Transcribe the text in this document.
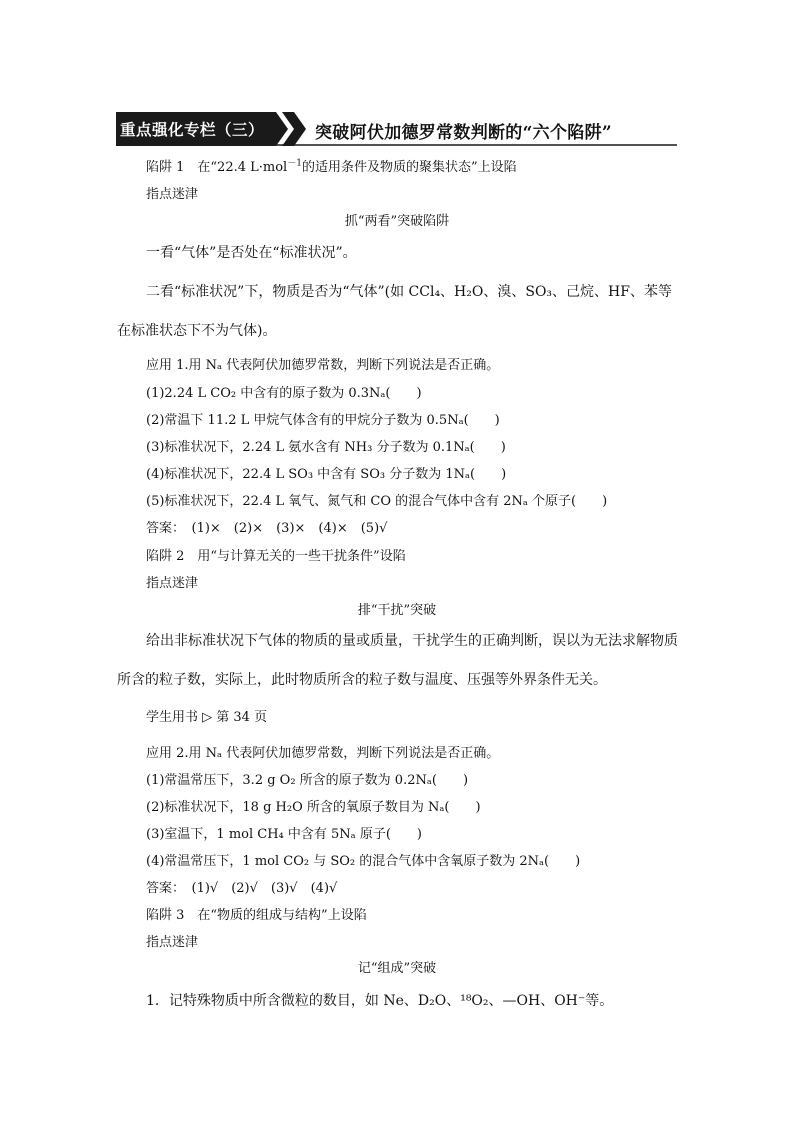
重点强化专栏（三）	突破阿伏加德罗常数判断的“六个陷阱”
陷阱 1　在“22.4 L·mol$^{-1}$的适用条件及物质的聚集状态”上设陷
指点迷津
抓“两看”突破陷阱
一看“气体”是否处在“标准状况”。
二看“标准状况”下，物质是否为“气体”(如 CCl₄、H₂O、溴、SO₃、己烷、HF、苯等
在标准状态下不为气体)。
应用 1.用 Nₐ 代表阿伏加德罗常数，判断下列说法是否正确。
(1)2.24 L CO₂ 中含有的原子数为 0.3Nₐ(　　)
(2)常温下 11.2 L 甲烷气体含有的甲烷分子数为 0.5Nₐ(　　)
(3)标准状况下，2.24 L 氨水含有 NH₃ 分子数为 0.1Nₐ(　　)
(4)标准状况下，22.4 L SO₃ 中含有 SO₃ 分子数为 1Nₐ(　　)
(5)标准状况下，22.4 L 氧气、氮气和 CO 的混合气体中含有 2Nₐ 个原子(　　)
答案：　(1)×　(2)×　(3)×　(4)×　(5)√
陷阱 2　用“与计算无关的一些干扰条件”设陷
指点迷津
排“干扰”突破
给出非标准状况下气体的物质的量或质量，干扰学生的正确判断，误以为无法求解物质
所含的粒子数，实际上，此时物质所含的粒子数与温度、压强等外界条件无关。
学生用书 ▷ 第 34 页
应用 2.用 Nₐ 代表阿伏加德罗常数，判断下列说法是否正确。
(1)常温常压下，3.2 g O₂ 所含的原子数为 0.2Nₐ(　　)
(2)标准状况下，18 g H₂O 所含的氧原子数目为 Nₐ(　　)
(3)室温下，1 mol CH₄ 中含有 5Nₐ 原子(　　)
(4)常温常压下，1 mol CO₂ 与 SO₂ 的混合气体中含氧原子数为 2Nₐ(　　)
答案：　(1)√　(2)√　(3)√　(4)√
陷阱 3　在“物质的组成与结构”上设陷
指点迷津
记“组成”突破
1．记特殊物质中所含微粒的数目，如 Ne、D₂O、¹⁸O₂、—OH、OH⁻等。
